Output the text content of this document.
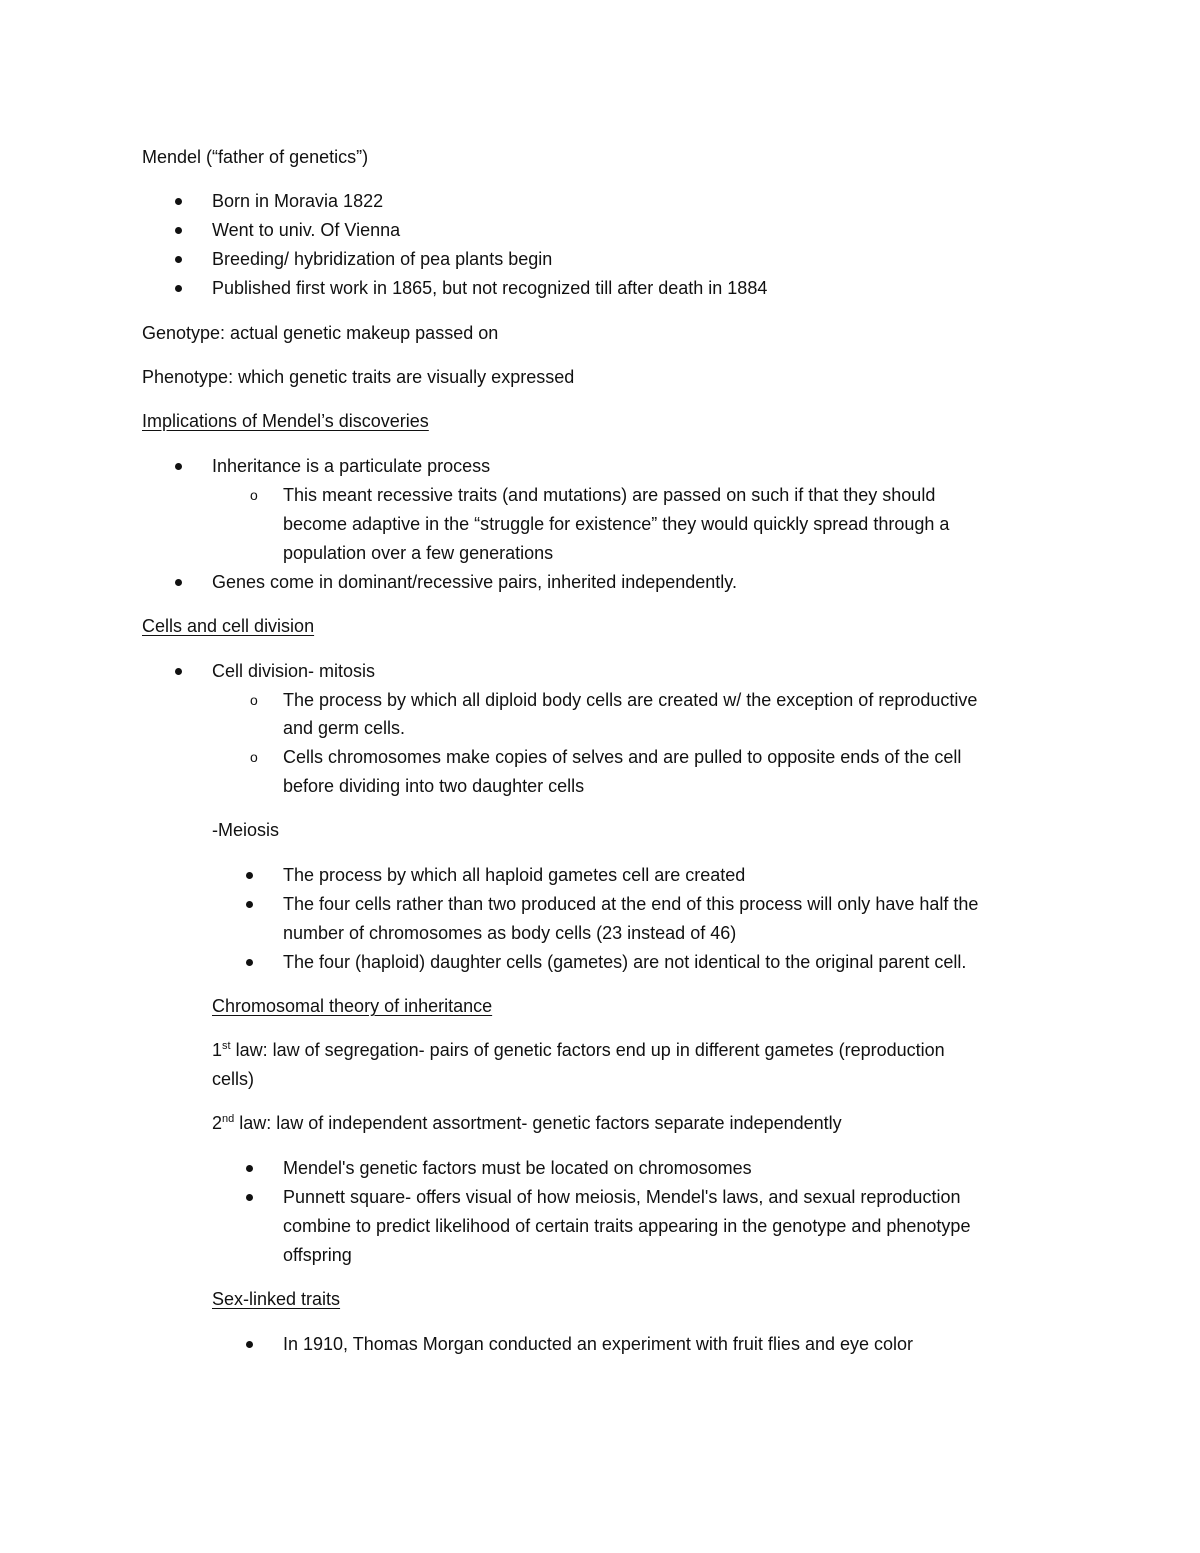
Mendel (“father of genetics”)
Born in Moravia 1822
Went to univ. Of Vienna
Breeding/ hybridization of pea plants begin
Published first work in 1865, but not recognized till after death in 1884
Genotype: actual genetic makeup passed on
Phenotype: which genetic traits are visually expressed
Implications of Mendel’s discoveries
Inheritance is a particulate process
o This meant recessive traits (and mutations) are passed on such if that they should
become adaptive in the “struggle for existence” they would quickly spread through a
population over a few generations
Genes come in dominant/recessive pairs, inherited independently.
Cells and cell division
Cell division- mitosis
o The process by which all diploid body cells are created w/ the exception of reproductive
and germ cells.
o Cells chromosomes make copies of selves and are pulled to opposite ends of the cell
before dividing into two daughter cells
-Meiosis
The process by which all haploid gametes cell are created
The four cells rather than two produced at the end of this process will only have half the
number of chromosomes as body cells (23 instead of 46)
The four (haploid) daughter cells (gametes) are not identical to the original parent cell.
Chromosomal theory of inheritance
1st law: law of segregation- pairs of genetic factors end up in different gametes (reproduction
cells)
2nd law: law of independent assortment- genetic factors separate independently
Mendel's genetic factors must be located on chromosomes
Punnett square- offers visual of how meiosis, Mendel's laws, and sexual reproduction
combine to predict likelihood of certain traits appearing in the genotype and phenotype
offspring
Sex-linked traits
In 1910, Thomas Morgan conducted an experiment with fruit flies and eye color
